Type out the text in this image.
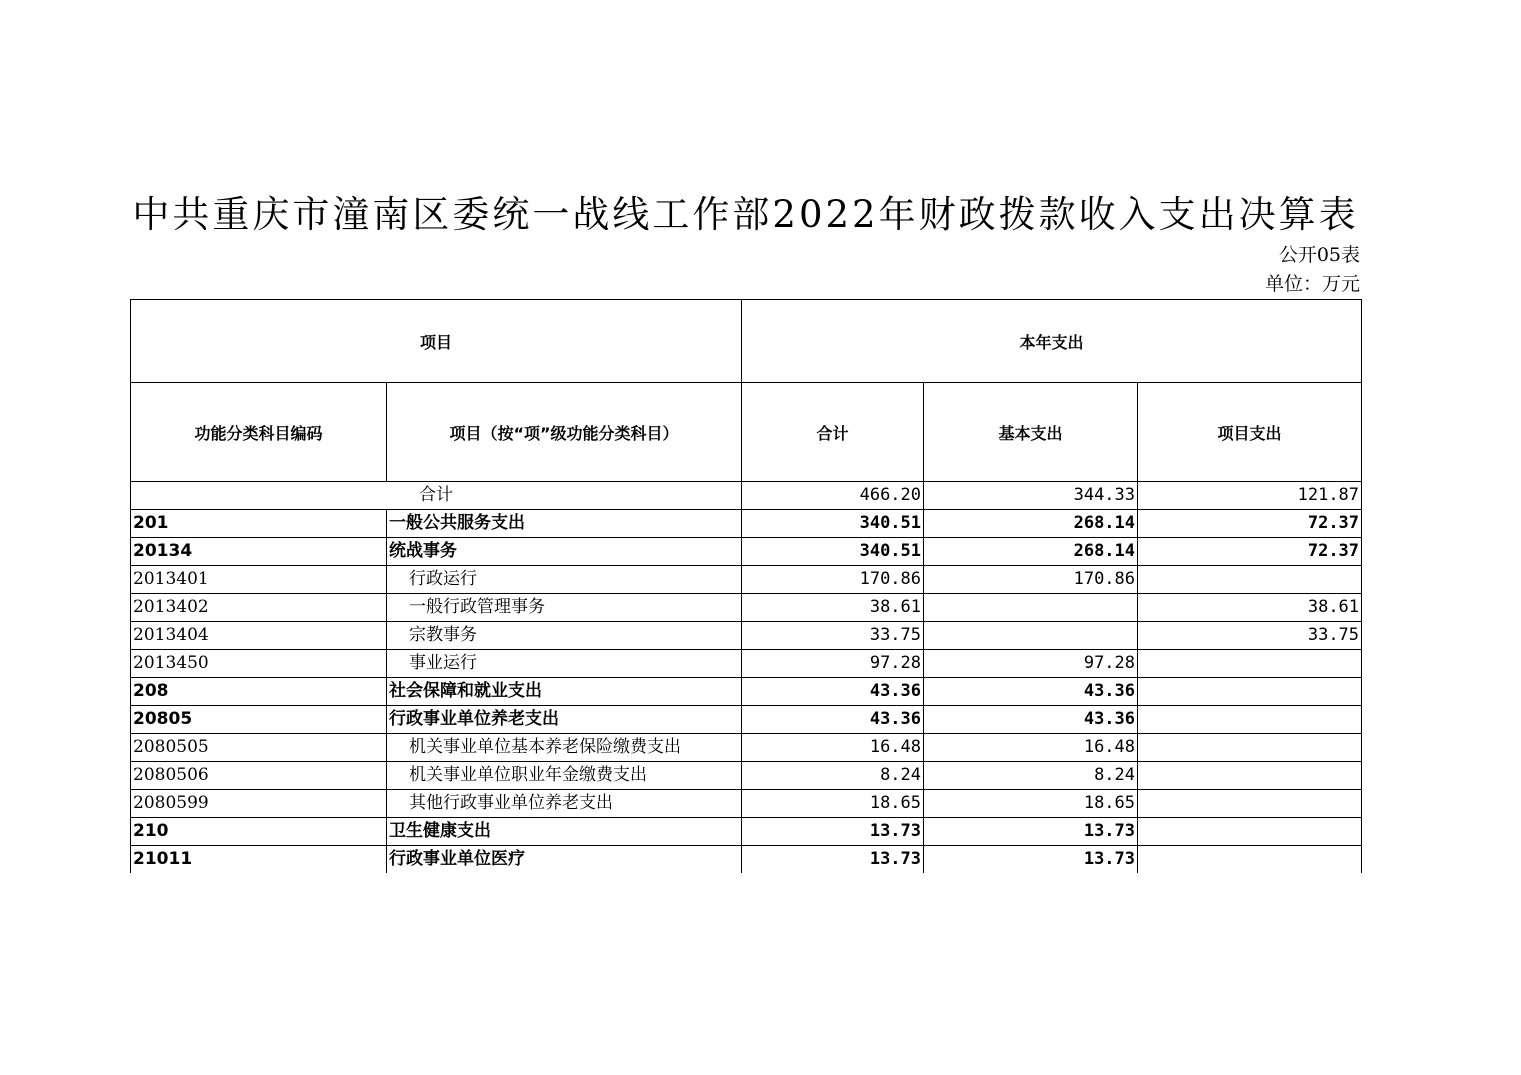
中共重庆市潼南区委统一战线工作部2022年财政拨款收入支出决算表
公开05表
单位：万元
项目		本年支出		
功能分类科目编码	项目（按“项”级功能分类科目）	合计	基本支出	项目支出
合计		466.20	344.33	121.87
201	一般公共服务支出	340.51	268.14	72.37
20134	统战事务	340.51	268.14	72.37
2013401	行政运行	170.86	170.86	
2013402	一般行政管理事务	38.61		38.61
2013404	宗教事务	33.75		33.75
2013450	事业运行	97.28	97.28	
208	社会保障和就业支出	43.36	43.36	
20805	行政事业单位养老支出	43.36	43.36	
2080505	机关事业单位基本养老保险缴费支出	16.48	16.48	
2080506	机关事业单位职业年金缴费支出	8.24	8.24	
2080599	其他行政事业单位养老支出	18.65	18.65	
210	卫生健康支出	13.73	13.73	
21011	行政事业单位医疗	13.73	13.73	
